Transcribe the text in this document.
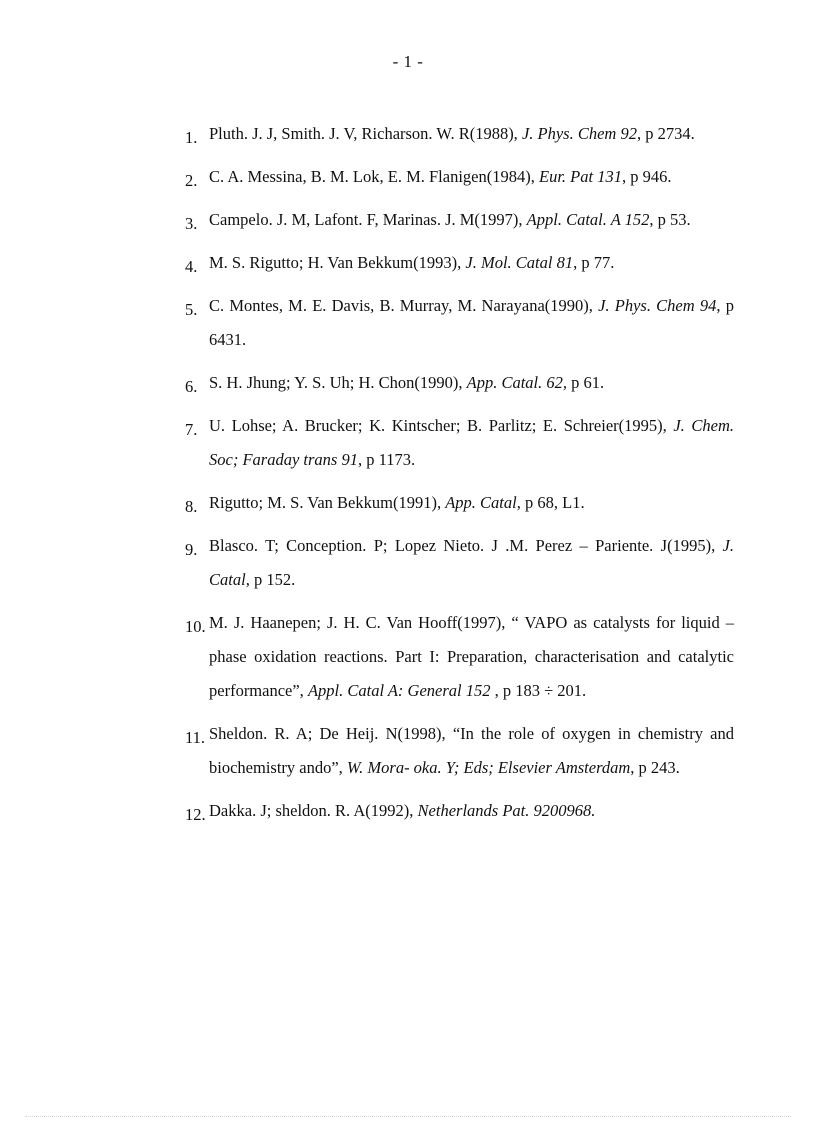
- 1 -
1. Pluth. J. J, Smith. J. V, Richarson. W. R(1988), J. Phys. Chem 92, p 2734.
2. C. A. Messina, B. M. Lok, E. M. Flanigen(1984), Eur. Pat 131, p 946.
3. Campelo. J. M, Lafont. F, Marinas. J. M(1997), Appl. Catal. A 152, p 53.
4. M. S. Rigutto; H. Van Bekkum(1993), J. Mol. Catal 81, p 77.
5. C. Montes, M. E. Davis, B. Murray, M. Narayana(1990), J. Phys. Chem 94, p 6431.
6. S. H. Jhung; Y. S. Uh; H. Chon(1990), App. Catal. 62, p 61.
7. U. Lohse; A. Brucker; K. Kintscher; B. Parlitz; E. Schreier(1995), J. Chem. Soc; Faraday trans 91, p 1173.
8. Rigutto; M. S. Van Bekkum(1991), App. Catal, p 68, L1.
9. Blasco. T; Conception. P; Lopez Nieto. J .M. Perez – Pariente. J(1995), J. Catal, p 152.
10. M. J. Haanepen; J. H. C. Van Hooff(1997), “ VAPO as catalysts for liquid – phase oxidation reactions. Part I: Preparation, characterisation and catalytic performance”, Appl. Catal A: General 152 , p 183 ÷ 201.
11. Sheldon. R. A; De Heij. N(1998), “In the role of oxygen in chemistry and biochemistry ando”, W. Mora- oka. Y; Eds; Elsevier Amsterdam, p 243.
12. Dakka. J; sheldon. R. A(1992), Netherlands Pat. 9200968.
